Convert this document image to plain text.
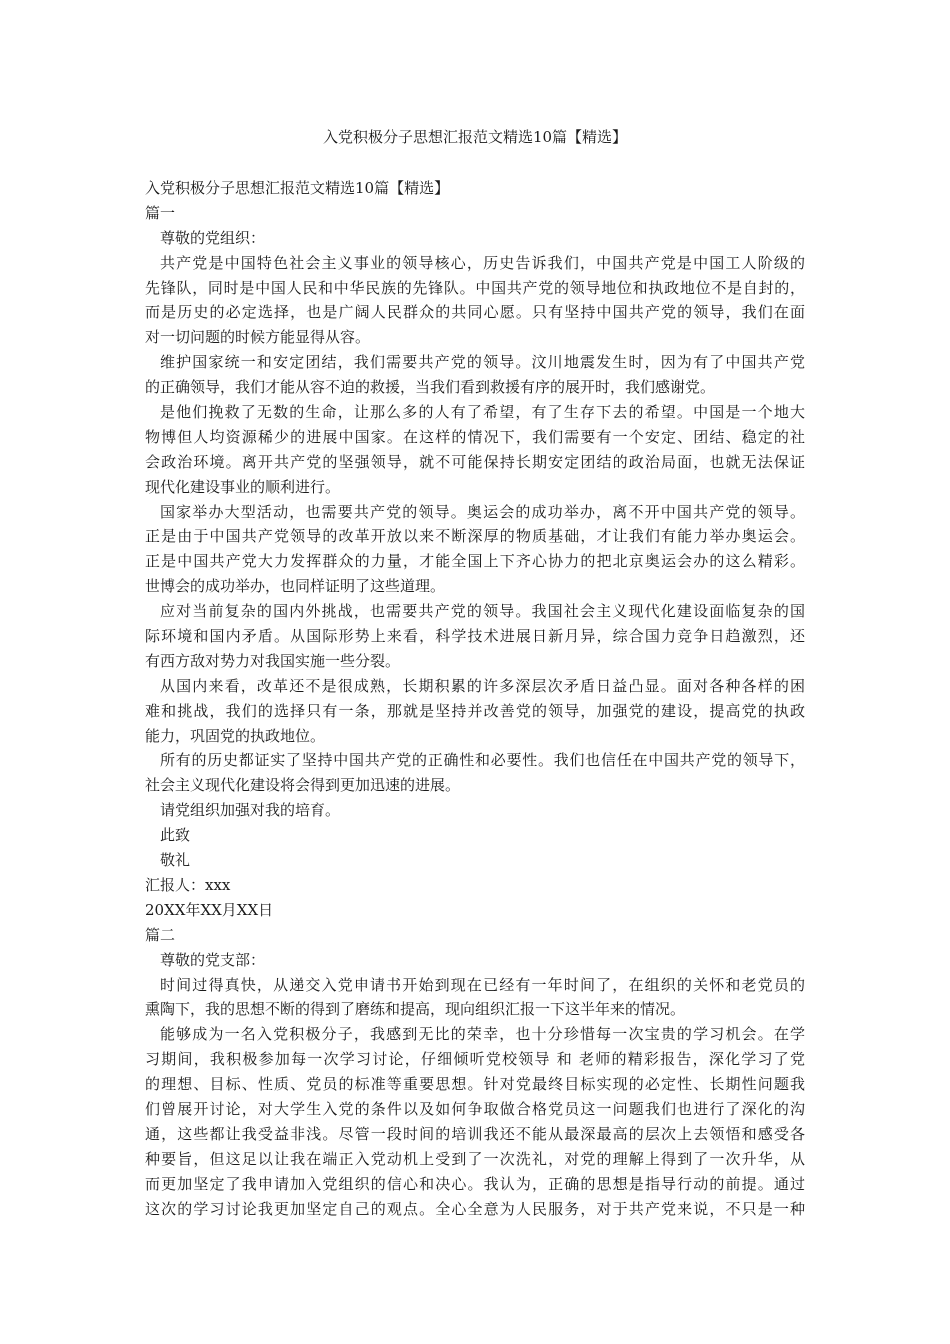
入党积极分子思想汇报范文精选10篇【精选】
入党积极分子思想汇报范文精选10篇【精选】
篇一
尊敬的党组织：
共产党是中国特色社会主义事业的领导核心，历史告诉我们，中国共产党是中国工人阶级的
先锋队，同时是中国人民和中华民族的先锋队。中国共产党的领导地位和执政地位不是自封的，
而是历史的必定选择，也是广阔人民群众的共同心愿。只有坚持中国共产党的领导，我们在面
对一切问题的时候方能显得从容。
维护国家统一和安定团结，我们需要共产党的领导。汶川地震发生时，因为有了中国共产党
的正确领导，我们才能从容不迫的救援，当我们看到救援有序的展开时，我们感谢党。
是他们挽救了无数的生命，让那么多的人有了希望，有了生存下去的希望。中国是一个地大
物博但人均资源稀少的进展中国家。在这样的情况下，我们需要有一个安定、团结、稳定的社
会政治环境。离开共产党的坚强领导，就不可能保持长期安定团结的政治局面，也就无法保证
现代化建设事业的顺利进行。
国家举办大型活动，也需要共产党的领导。奥运会的成功举办，离不开中国共产党的领导。
正是由于中国共产党领导的改革开放以来不断深厚的物质基础，才让我们有能力举办奥运会。
正是中国共产党大力发挥群众的力量，才能全国上下齐心协力的把北京奥运会办的这么精彩。
世博会的成功举办，也同样证明了这些道理。
应对当前复杂的国内外挑战，也需要共产党的领导。我国社会主义现代化建设面临复杂的国
际环境和国内矛盾。从国际形势上来看，科学技术进展日新月异，综合国力竞争日趋激烈，还
有西方敌对势力对我国实施一些分裂。
从国内来看，改革还不是很成熟，长期积累的许多深层次矛盾日益凸显。面对各种各样的困
难和挑战，我们的选择只有一条，那就是坚持并改善党的领导，加强党的建设，提高党的执政
能力，巩固党的执政地位。
所有的历史都证实了坚持中国共产党的正确性和必要性。我们也信任在中国共产党的领导下，
社会主义现代化建设将会得到更加迅速的进展。
请党组织加强对我的培育。
此致
敬礼
汇报人：xxx
20XX年XX月XX日
篇二
尊敬的党支部：
时间过得真快，从递交入党申请书开始到现在已经有一年时间了，在组织的关怀和老党员的
熏陶下，我的思想不断的得到了磨练和提高，现向组织汇报一下这半年来的情况。
能够成为一名入党积极分子，我感到无比的荣幸，也十分珍惜每一次宝贵的学习机会。在学
习期间，我积极参加每一次学习讨论，仔细倾听党校领导 和 老师的精彩报告，深化学习了党
的理想、目标、性质、党员的标准等重要思想。针对党最终目标实现的必定性、长期性问题我
们曾展开讨论，对大学生入党的条件以及如何争取做合格党员这一问题我们也进行了深化的沟
通，这些都让我受益非浅。尽管一段时间的培训我还不能从最深最高的层次上去领悟和感受各
种要旨，但这足以让我在端正入党动机上受到了一次洗礼，对党的理解上得到了一次升华，从
而更加坚定了我申请加入党组织的信心和决心。我认为，正确的思想是指导行动的前提。通过
这次的学习讨论我更加坚定自己的观点。全心全意为人民服务，对于共产党来说，不只是一种
